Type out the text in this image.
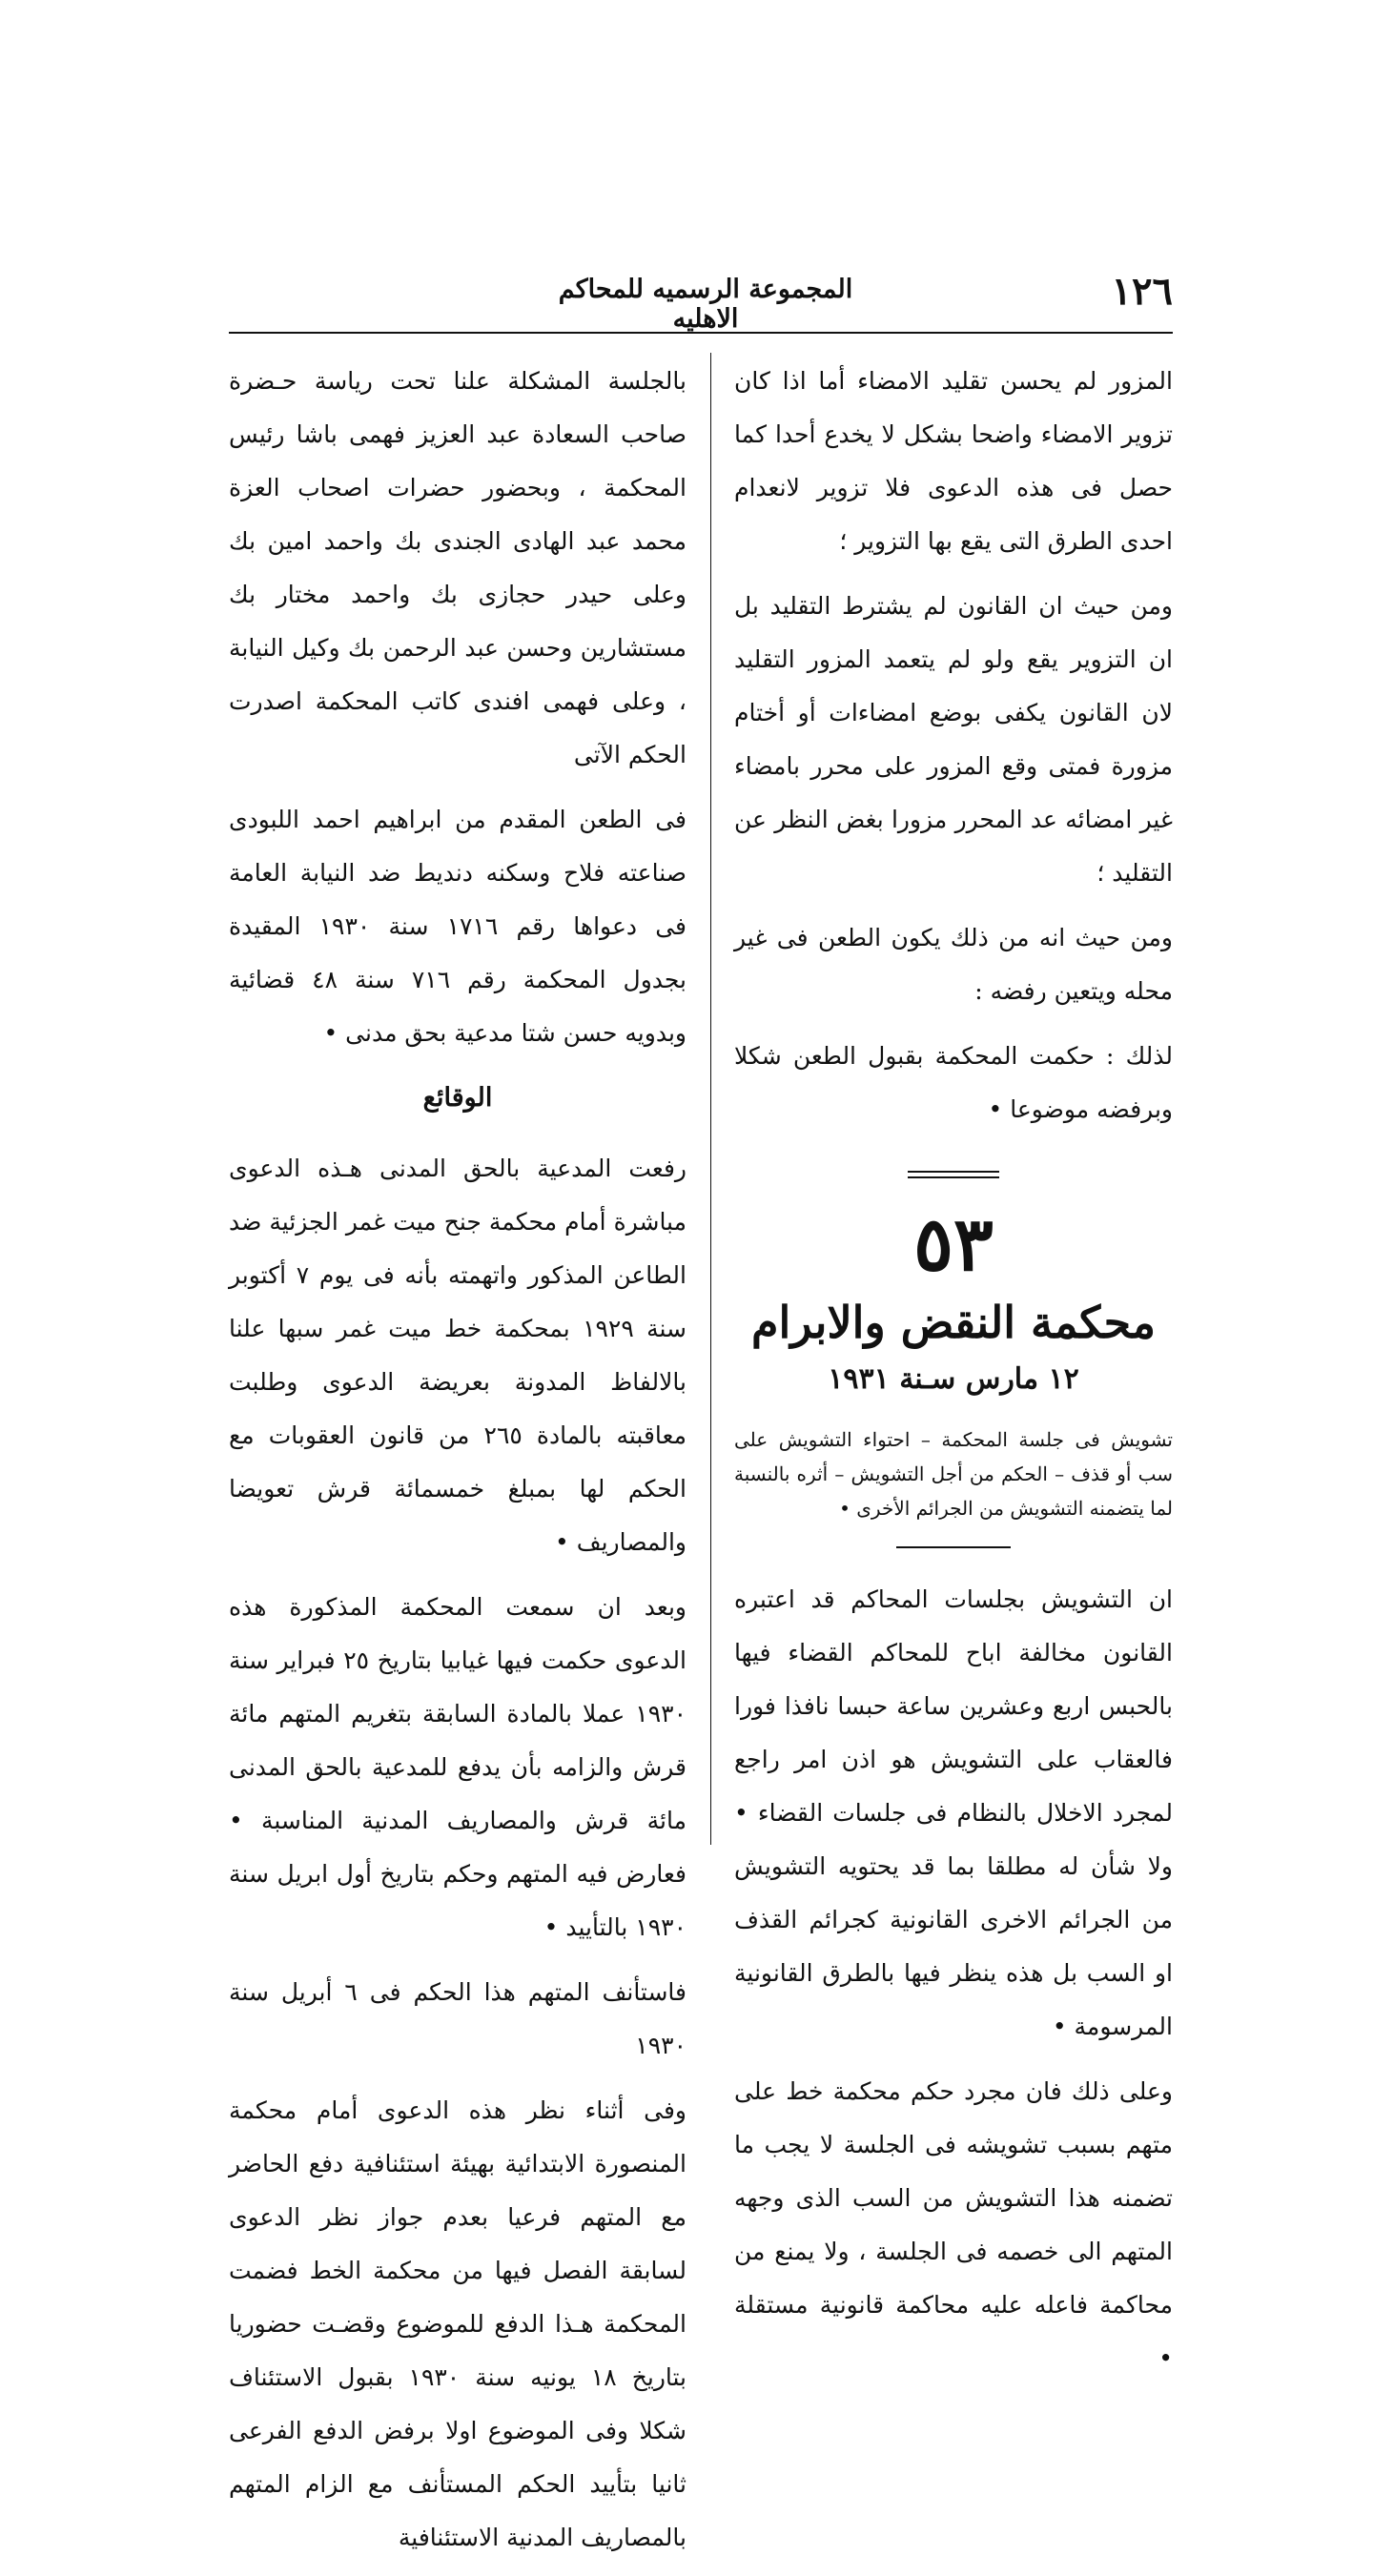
١٢٦
المجموعة الرسميه للمحاكم الاهليه

المزور لم يحسن تقليد الامضاء أما اذا كان تزوير الامضاء واضحا بشكل لا يخدع أحدا كما حصل فى هذه الدعوى فلا تزوير لانعدام احدى الطرق التى يقع بها التزوير ؛

ومن حيث ان القانون لم يشترط التقليد بل ان التزوير يقع ولو لم يتعمد المزور التقليد لان القانون يكفى بوضع امضاءات أو أختام مزورة فمتى وقع المزور على محرر بامضاء غير امضائه عد المحرر مزورا بغض النظر عن التقليد ؛

ومن حيث انه من ذلك يكون الطعن فى غير محله ويتعين رفضه :

لذلك : حكمت المحكمة بقبول الطعن شكلا وبرفضه موضوعا •

٥٣
محكمة النقض والابرام
١٢ مارس سـنة ١٩٣١
تشويش فى جلسة المحكمة – احتواء التشويش على سب أو قذف – الحكم من أجل التشويش – أثره بالنسبة لما يتضمنه التشويش من الجرائم الأخرى •

ان التشويش بجلسات المحاكم قد اعتبره القانون مخالفة اباح للمحاكم القضاء فيها بالحبس اربع وعشرين ساعة حبسا نافذا فورا فالعقاب على التشويش هو اذن امر راجع لمجرد الاخلال بالنظام فى جلسات القضاء • ولا شأن له مطلقا بما قد يحتويه التشويش من الجرائم الاخرى القانونية كجرائم القذف او السب بل هذه ينظر فيها بالطرق القانونية المرسومة •

وعلى ذلك فان مجرد حكم محكمة خط على متهم بسبب تشويشه فى الجلسة لا يجب ما تضمنه هذا التشويش من السب الذى وجهه المتهم الى خصمه فى الجلسة ، ولا يمنع من محاكمة فاعله عليه محاكمة قانونية مستقلة •

بالجلسة المشكلة علنا تحت رياسة حـضرة صاحب السعادة عبد العزيز فهمى باشا رئيس المحكمة ، وبحضور حضرات اصحاب العزة محمد عبد الهادى الجندى بك واحمد امين بك وعلى حيدر حجازى بك واحمد مختار بك مستشارين وحسن عبد الرحمن بك وكيل النيابة ، وعلى فهمى افندى كاتب المحكمة اصدرت الحكم الآتى

فى الطعن المقدم من ابراهيم احمد اللبودى صناعته فلاح وسكنه دنديط ضد النيابة العامة فى دعواها رقم ١٧١٦ سنة ١٩٣٠ المقيدة بجدول المحكمة رقم ٧١٦ سنة ٤٨ قضائية وبدويه حسن شتا مدعية بحق مدنى •

الوقائع

رفعت المدعية بالحق المدنى هـذه الدعوى مباشرة أمام محكمة جنح ميت غمر الجزئية ضد الطاعن المذكور واتهمته بأنه فى يوم ٧ أكتوبر سنة ١٩٢٩ بمحكمة خط ميت غمر سبها علنا بالالفاظ المدونة بعريضة الدعوى وطلبت معاقبته بالمادة ٢٦٥ من قانون العقوبات مع الحكم لها بمبلغ خمسمائة قرش تعويضا والمصاريف •

وبعد ان سمعت المحكمة المذكورة هذه الدعوى حكمت فيها غيابيا بتاريخ ٢٥ فبراير سنة ١٩٣٠ عملا بالمادة السابقة بتغريم المتهم مائة قرش والزامه بأن يدفع للمدعية بالحق المدنى مائة قرش والمصاريف المدنية المناسبة • فعارض فيه المتهم وحكم بتاريخ أول ابريل سنة ١٩٣٠ بالتأييد •

فاستأنف المتهم هذا الحكم فى ٦ أبريل سنة ١٩٣٠

وفى أثناء نظر هذه الدعوى أمام محكمة المنصورة الابتدائية بهيئة استئنافية دفع الحاضر مع المتهم فرعيا بعدم جواز نظر الدعوى لسابقة الفصل فيها من محكمة الخط فضمت المحكمة هـذا الدفع للموضوع وقضـت حضوريا بتاريخ ١٨ يونيه سنة ١٩٣٠ بقبول الاستئناف شكلا وفى الموضوع اولا برفض الدفع الفرعى ثانيا بتأييد الحكم المستأنف مع الزام المتهم بالمصاريف المدنية الاستئنافية
